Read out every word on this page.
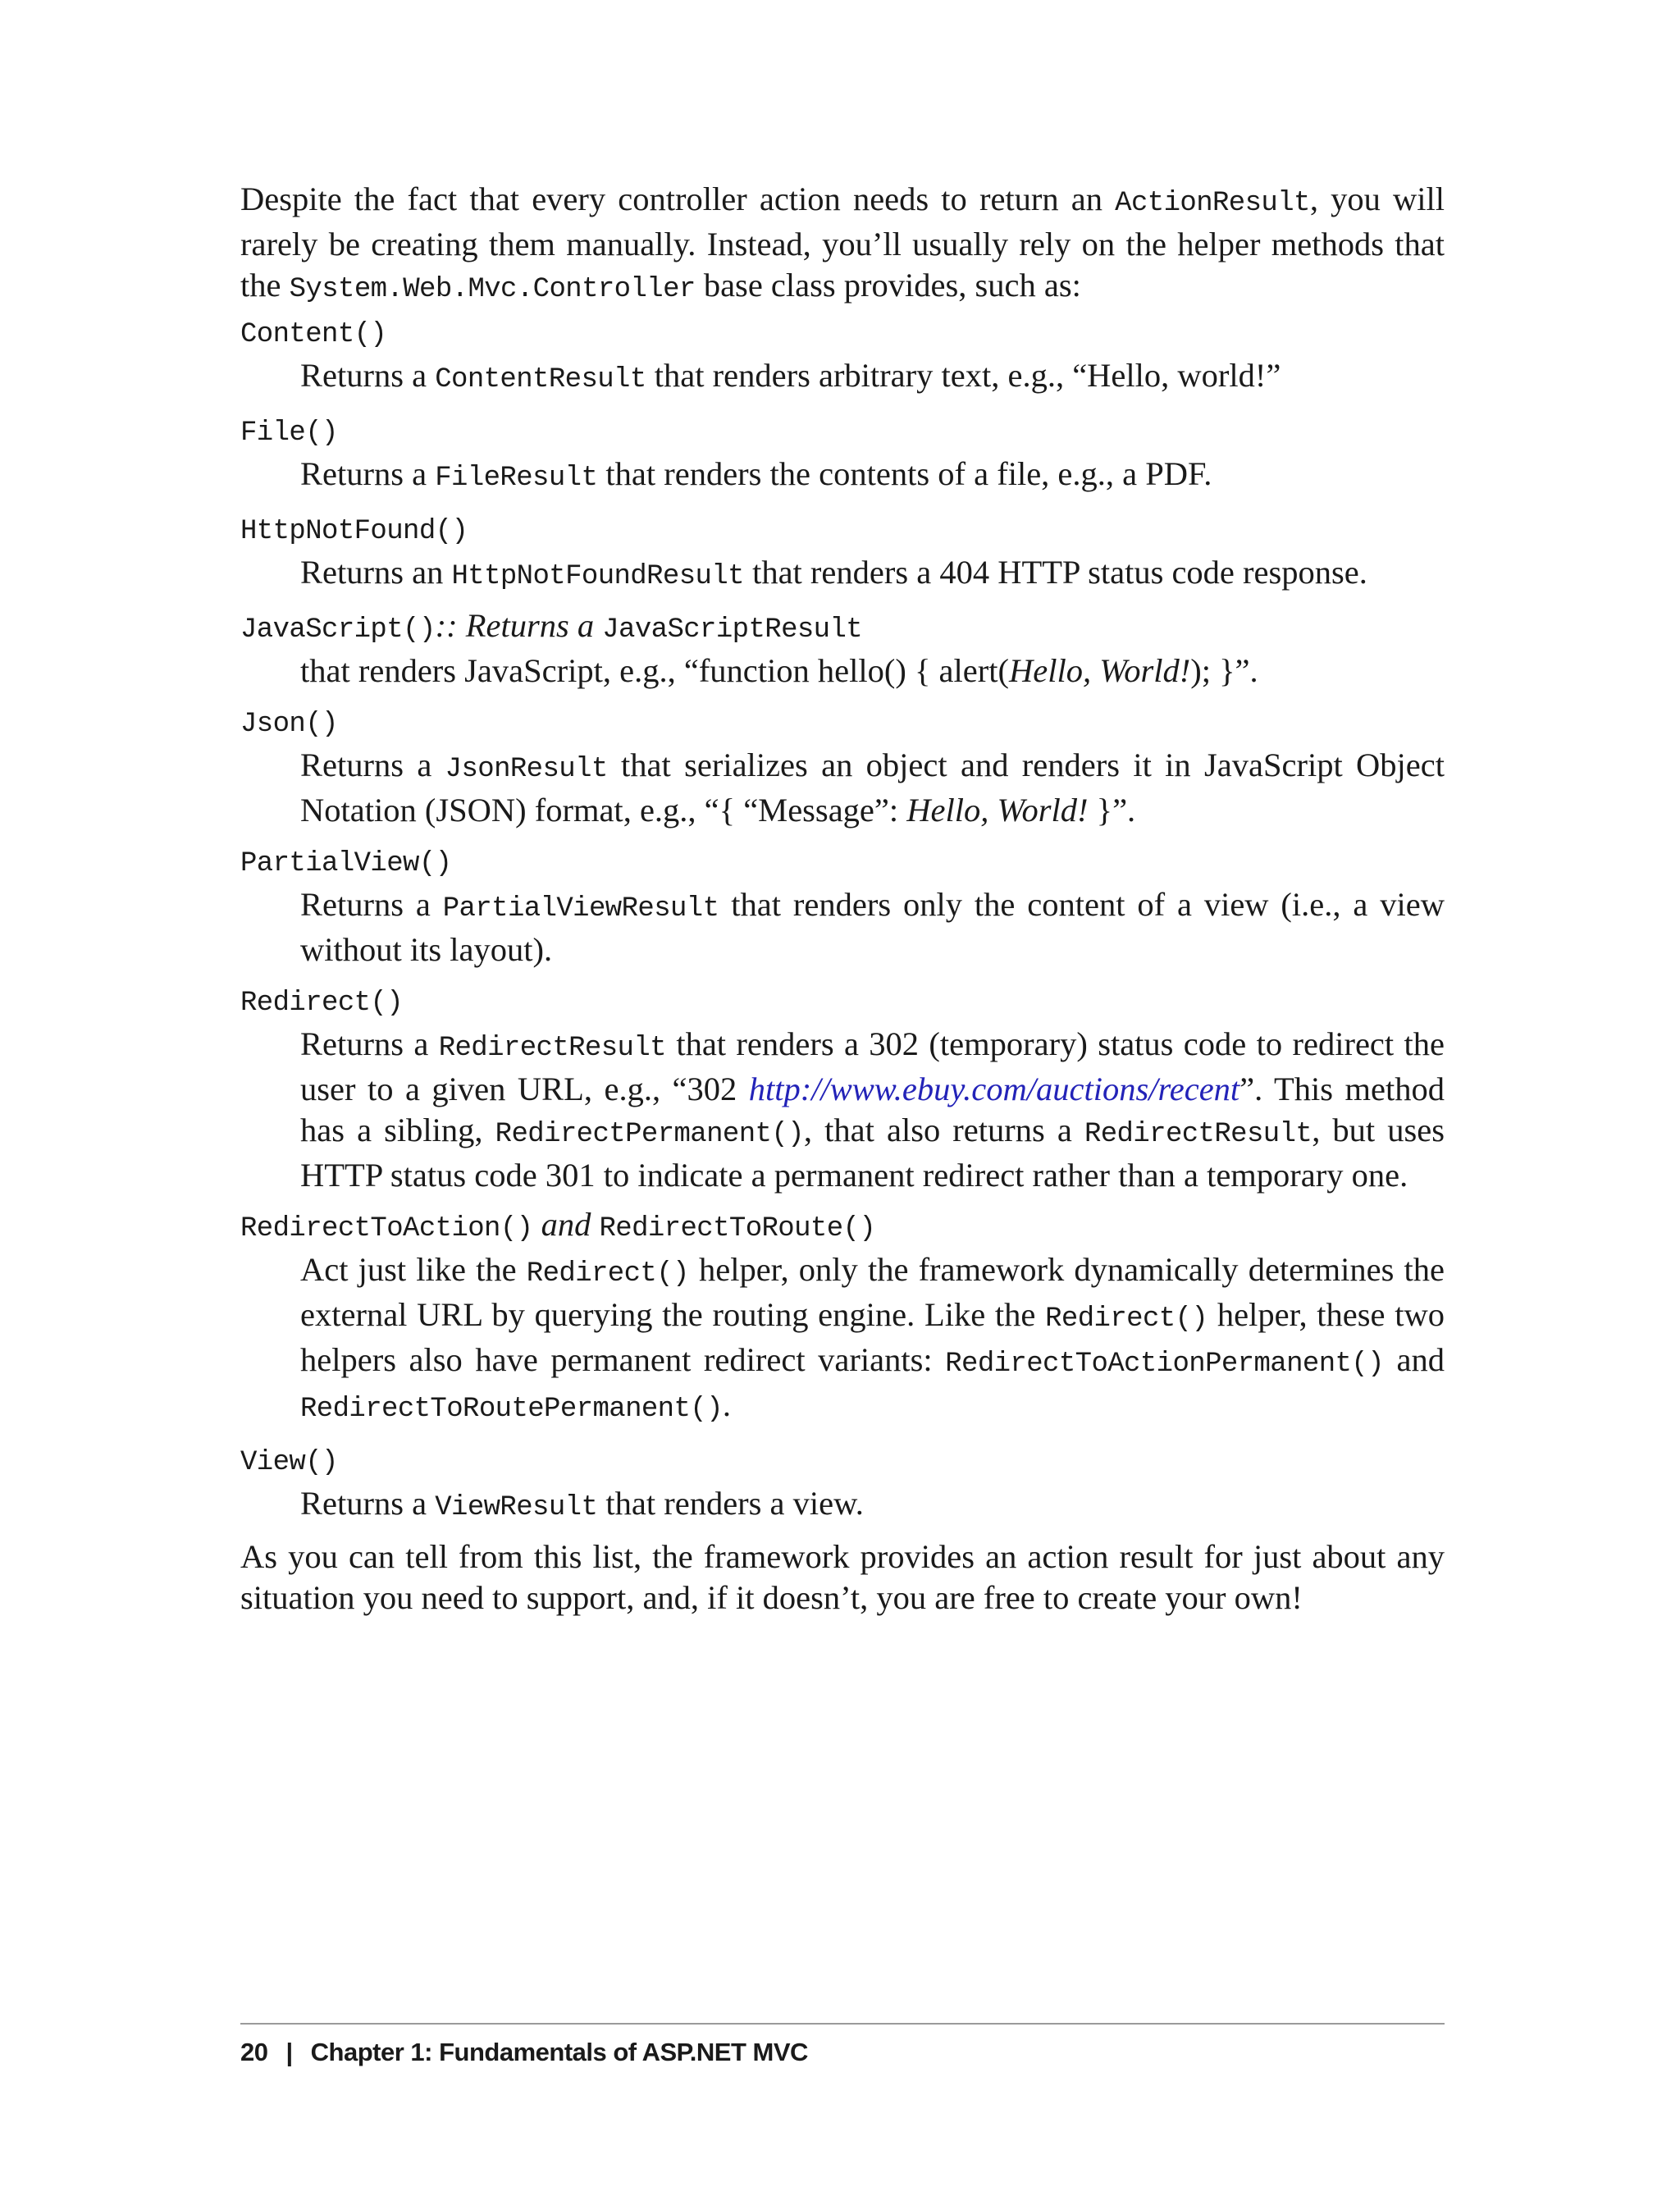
Despite the fact that every controller action needs to return an ActionResult, you will rarely be creating them manually. Instead, you’ll usually rely on the helper methods that the System.Web.Mvc.Controller base class provides, such as:

Content()

Returns a ContentResult that renders arbitrary text, e.g., “Hello, world!”

File()

Returns a FileResult that renders the contents of a file, e.g., a PDF.

HttpNotFound()

Returns an HttpNotFoundResult that renders a 404 HTTP status code response.

JavaScript():: Returns a JavaScriptResult

that renders JavaScript, e.g., “function hello() { alert(Hello, World!); }”.

Json()

Returns a JsonResult that serializes an object and renders it in JavaScript Object Notation (JSON) format, e.g., “{ “Message”: Hello, World! }”.

PartialView()

Returns a PartialViewResult that renders only the content of a view (i.e., a view without its layout).

Redirect()

Returns a RedirectResult that renders a 302 (temporary) status code to redirect the user to a given URL, e.g., “302 http://www.ebuy.com/auctions/recent”. This method has a sibling, RedirectPermanent(), that also returns a RedirectResult, but uses HTTP status code 301 to indicate a permanent redirect rather than a temporary one.

RedirectToAction() and RedirectToRoute()

Act just like the Redirect() helper, only the framework dynamically determines the external URL by querying the routing engine. Like the Redirect() helper, these two helpers also have permanent redirect variants: RedirectToActionPermanent() and RedirectToRoutePermanent().

View()

Returns a ViewResult that renders a view.

As you can tell from this list, the framework provides an action result for just about any situation you need to support, and, if it doesn’t, you are free to create your own!

20 | Chapter 1: Fundamentals of ASP.NET MVC
